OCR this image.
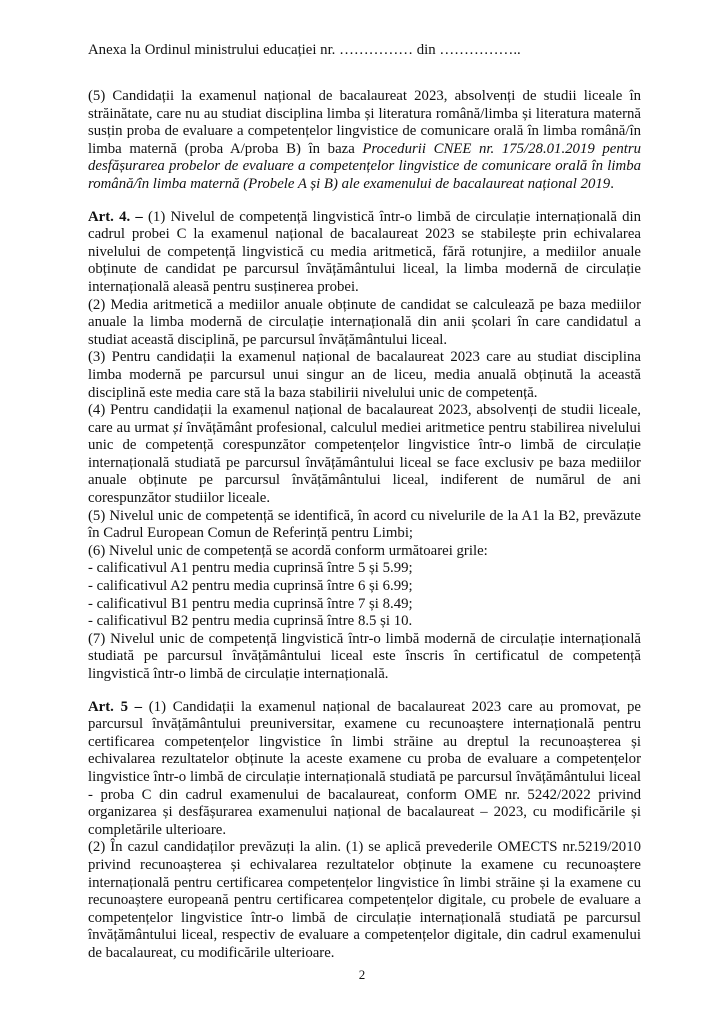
Anexa la Ordinul ministrului educației nr. …………… din ……………..

(5) Candidații la examenul național de bacalaureat 2023, absolvenți de studii liceale în străinătate, care nu au studiat disciplina limba și literatura română/limba și literatura maternă susțin proba de evaluare a competențelor lingvistice de comunicare orală în limba română/în limba maternă (proba A/proba B) în baza Procedurii CNEE nr. 175/28.01.2019 pentru desfășurarea probelor de evaluare a competențelor lingvistice de comunicare orală în limba română/în limba maternă (Probele A și B) ale examenului de bacalaureat național 2019.

Art. 4. – (1) Nivelul de competență lingvistică într-o limbă de circulație internațională din cadrul probei C la examenul național de bacalaureat 2023 se stabilește prin echivalarea nivelului de competență lingvistică cu media aritmetică, fără rotunjire, a mediilor anuale obținute de candidat pe parcursul învățământului liceal, la limba modernă de circulație internațională aleasă pentru susținerea probei.

(2) Media aritmetică a mediilor anuale obținute de candidat se calculează pe baza mediilor anuale la limba modernă de circulație internațională din anii școlari în care candidatul a studiat această disciplină, pe parcursul învățământului liceal.

(3) Pentru candidații la examenul național de bacalaureat 2023 care au studiat disciplina limba modernă pe parcursul unui singur an de liceu, media anuală obținută la această disciplină este media care stă la baza stabilirii nivelului unic de competență.

(4) Pentru candidații la examenul național de bacalaureat 2023, absolvenți de studii liceale, care au urmat și învățământ profesional, calculul mediei aritmetice pentru stabilirea nivelului unic de competență corespunzător competențelor lingvistice într-o limbă de circulație internațională studiată pe parcursul învățământului liceal se face exclusiv pe baza mediilor anuale obținute pe parcursul învățământului liceal, indiferent de numărul de ani corespunzător studiilor liceale.

(5) Nivelul unic de competență se identifică, în acord cu nivelurile de la A1 la B2, prevăzute în Cadrul European Comun de Referință pentru Limbi;

(6) Nivelul unic de competență se acordă conform următoarei grile:

- calificativul A1 pentru media cuprinsă între 5 și 5.99;

- calificativul A2 pentru media cuprinsă între 6 și 6.99;

- calificativul B1 pentru media cuprinsă între 7 și 8.49;

- calificativul B2 pentru media cuprinsă între 8.5 și 10.

(7) Nivelul unic de competență lingvistică într-o limbă modernă de circulație internațională studiată pe parcursul învățământului liceal este înscris în certificatul de competență lingvistică într-o limbă de circulație internațională.

Art. 5 – (1) Candidații la examenul național de bacalaureat 2023 care au promovat, pe parcursul învățământului preuniversitar, examene cu recunoaștere internațională pentru certificarea competențelor lingvistice în limbi străine au dreptul la recunoașterea și echivalarea rezultatelor obținute la aceste examene cu proba de evaluare a competențelor lingvistice într-o limbă de circulație internațională studiată pe parcursul învățământului liceal - proba C din cadrul examenului de bacalaureat, conform OME nr. 5242/2022 privind organizarea și desfășurarea examenului național de bacalaureat – 2023, cu modificările și completările ulterioare.

(2) În cazul candidaților prevăzuți la alin. (1) se aplică prevederile OMECTS nr.5219/2010 privind recunoașterea și echivalarea rezultatelor obținute la examene cu recunoaștere internațională pentru certificarea competențelor lingvistice în limbi străine și la examene cu recunoaștere europeană pentru certificarea competențelor digitale, cu probele de evaluare a competențelor lingvistice într-o limbă de circulație internațională studiată pe parcursul învățământului liceal, respectiv de evaluare a competențelor digitale, din cadrul examenului de bacalaureat, cu modificările ulterioare.

2
